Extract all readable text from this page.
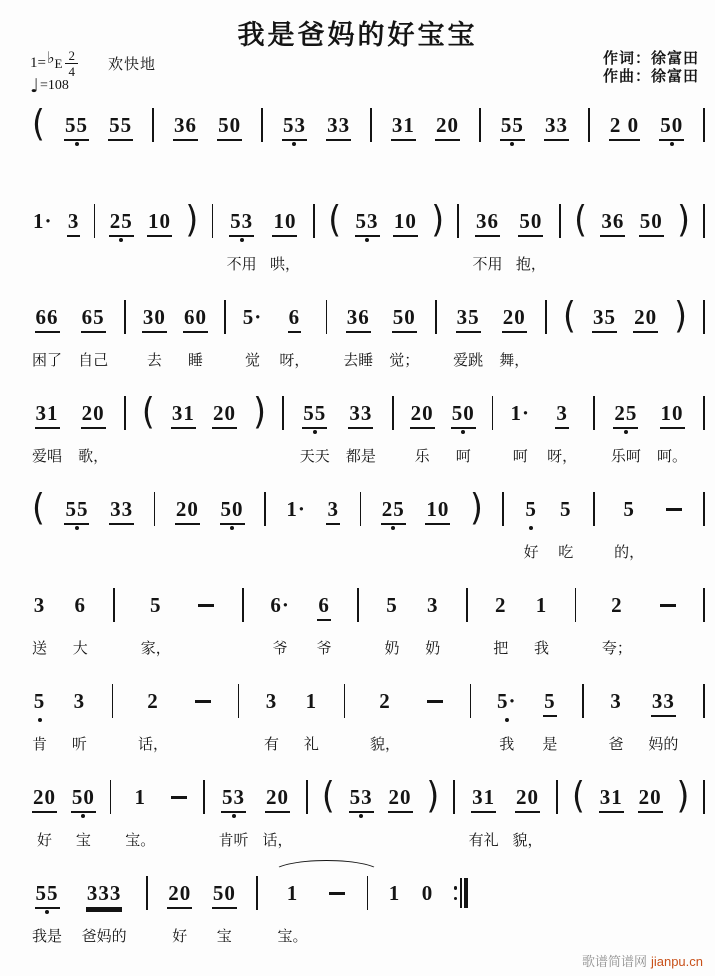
我是爸妈的好宝宝
1= ♭ E $\frac{2}{4}$ 欢快地
♩ =108
作词：徐富田
作曲：徐富田
( 55 55 36 50 53 33 31 20 55 33 2 0 50
1· 3 25 10 ) 53
不用
10
哄，
( 53 10 ) 36
不用
50
抱，
( 36 50 )
66
困了
65
自己
30
去
60
睡
5·
觉
6
呀，
36
去睡
50
觉；
35
爱跳
20
舞，
( 35 20 )
31
爱唱
20
歌，
( 31 20 ) 55
天天
33
都是
20
乐
50
呵
1·
呵
3
呀，
25
乐呵
10
呵。
( 55 33 20 50 1· 3 25 10 ) 5
好
5
吃
5
的，
3
送
6
大
5
家，
6·
爷
6
爷
5
奶
3
奶
2
把
1
我
2
夸；
5
肯
3
听
2
话，
3
有
1
礼
2
貌，
5·
我
5
是
3
爸
33
妈的
20
好
50
宝
1
宝。
53
肯听
20
话，
( 53 20 ) 31
有礼
20
貌，
( 31 20 )
55
我是
333
爸妈的
20
好
50
宝
1
宝。
1 0
歌谱简谱网 jianpu.cn
